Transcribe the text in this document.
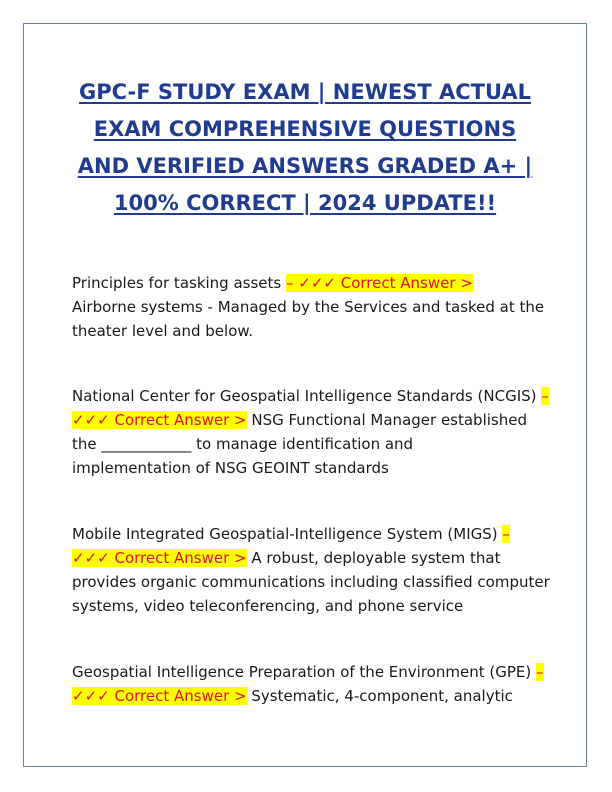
GPC-F STUDY EXAM | NEWEST ACTUAL
EXAM COMPREHENSIVE QUESTIONS
AND VERIFIED ANSWERS GRADED A+ |
100% CORRECT | 2024 UPDATE!!
Principles for tasking assets – ✓✓✓ Correct Answer >
Airborne systems - Managed by the Services and tasked at the
theater level and below.
National Center for Geospatial Intelligence Standards (NCGIS) –
✓✓✓ Correct Answer > NSG Functional Manager established
the ____________ to manage identification and
implementation of NSG GEOINT standards
Mobile Integrated Geospatial-Intelligence System (MIGS) –
✓✓✓ Correct Answer > A robust, deployable system that
provides organic communications including classified computer
systems, video teleconferencing, and phone service
Geospatial Intelligence Preparation of the Environment (GPE) –
✓✓✓ Correct Answer > Systematic, 4-component, analytic
